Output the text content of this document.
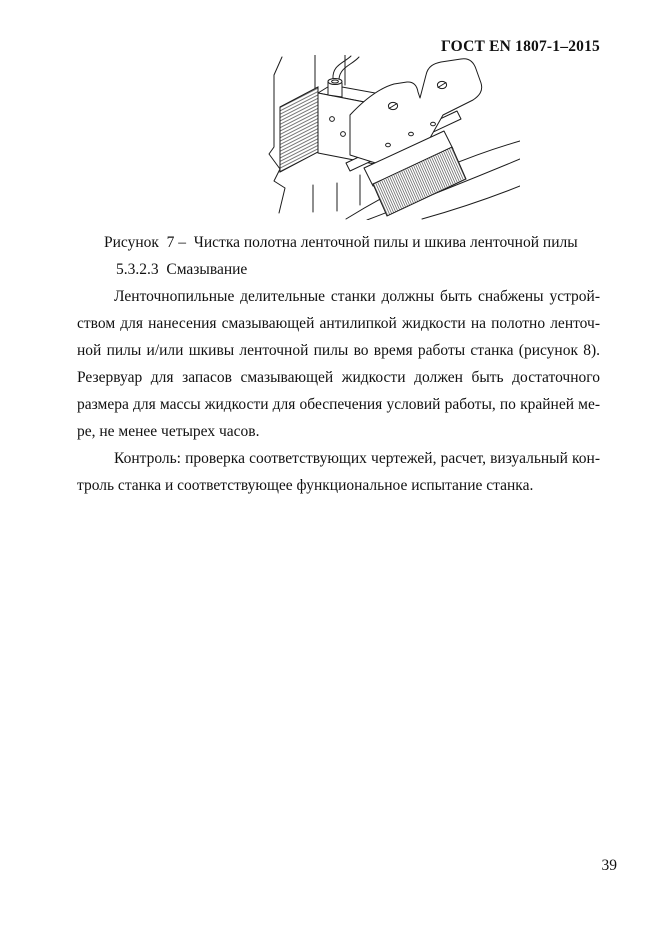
ГОСТ EN 1807-1–2015
Рисунок  7 –  Чистка полотна ленточной пилы и шкива ленточной пилы
5.3.2.3  Смазывание
Ленточнопильные делительные станки должны быть снабжены устрой-
ством для нанесения смазывающей антилипкой жидкости на полотно ленточ-
ной пилы и/или шкивы ленточной пилы во время работы станка (рисунок 8).
Резервуар для запасов смазывающей жидкости должен быть достаточного
размера для массы жидкости для обеспечения условий работы, по крайней ме-
ре, не менее четырех часов.
Контроль: проверка соответствующих чертежей, расчет, визуальный кон-
троль станка и соответствующее функциональное испытание станка.
39
